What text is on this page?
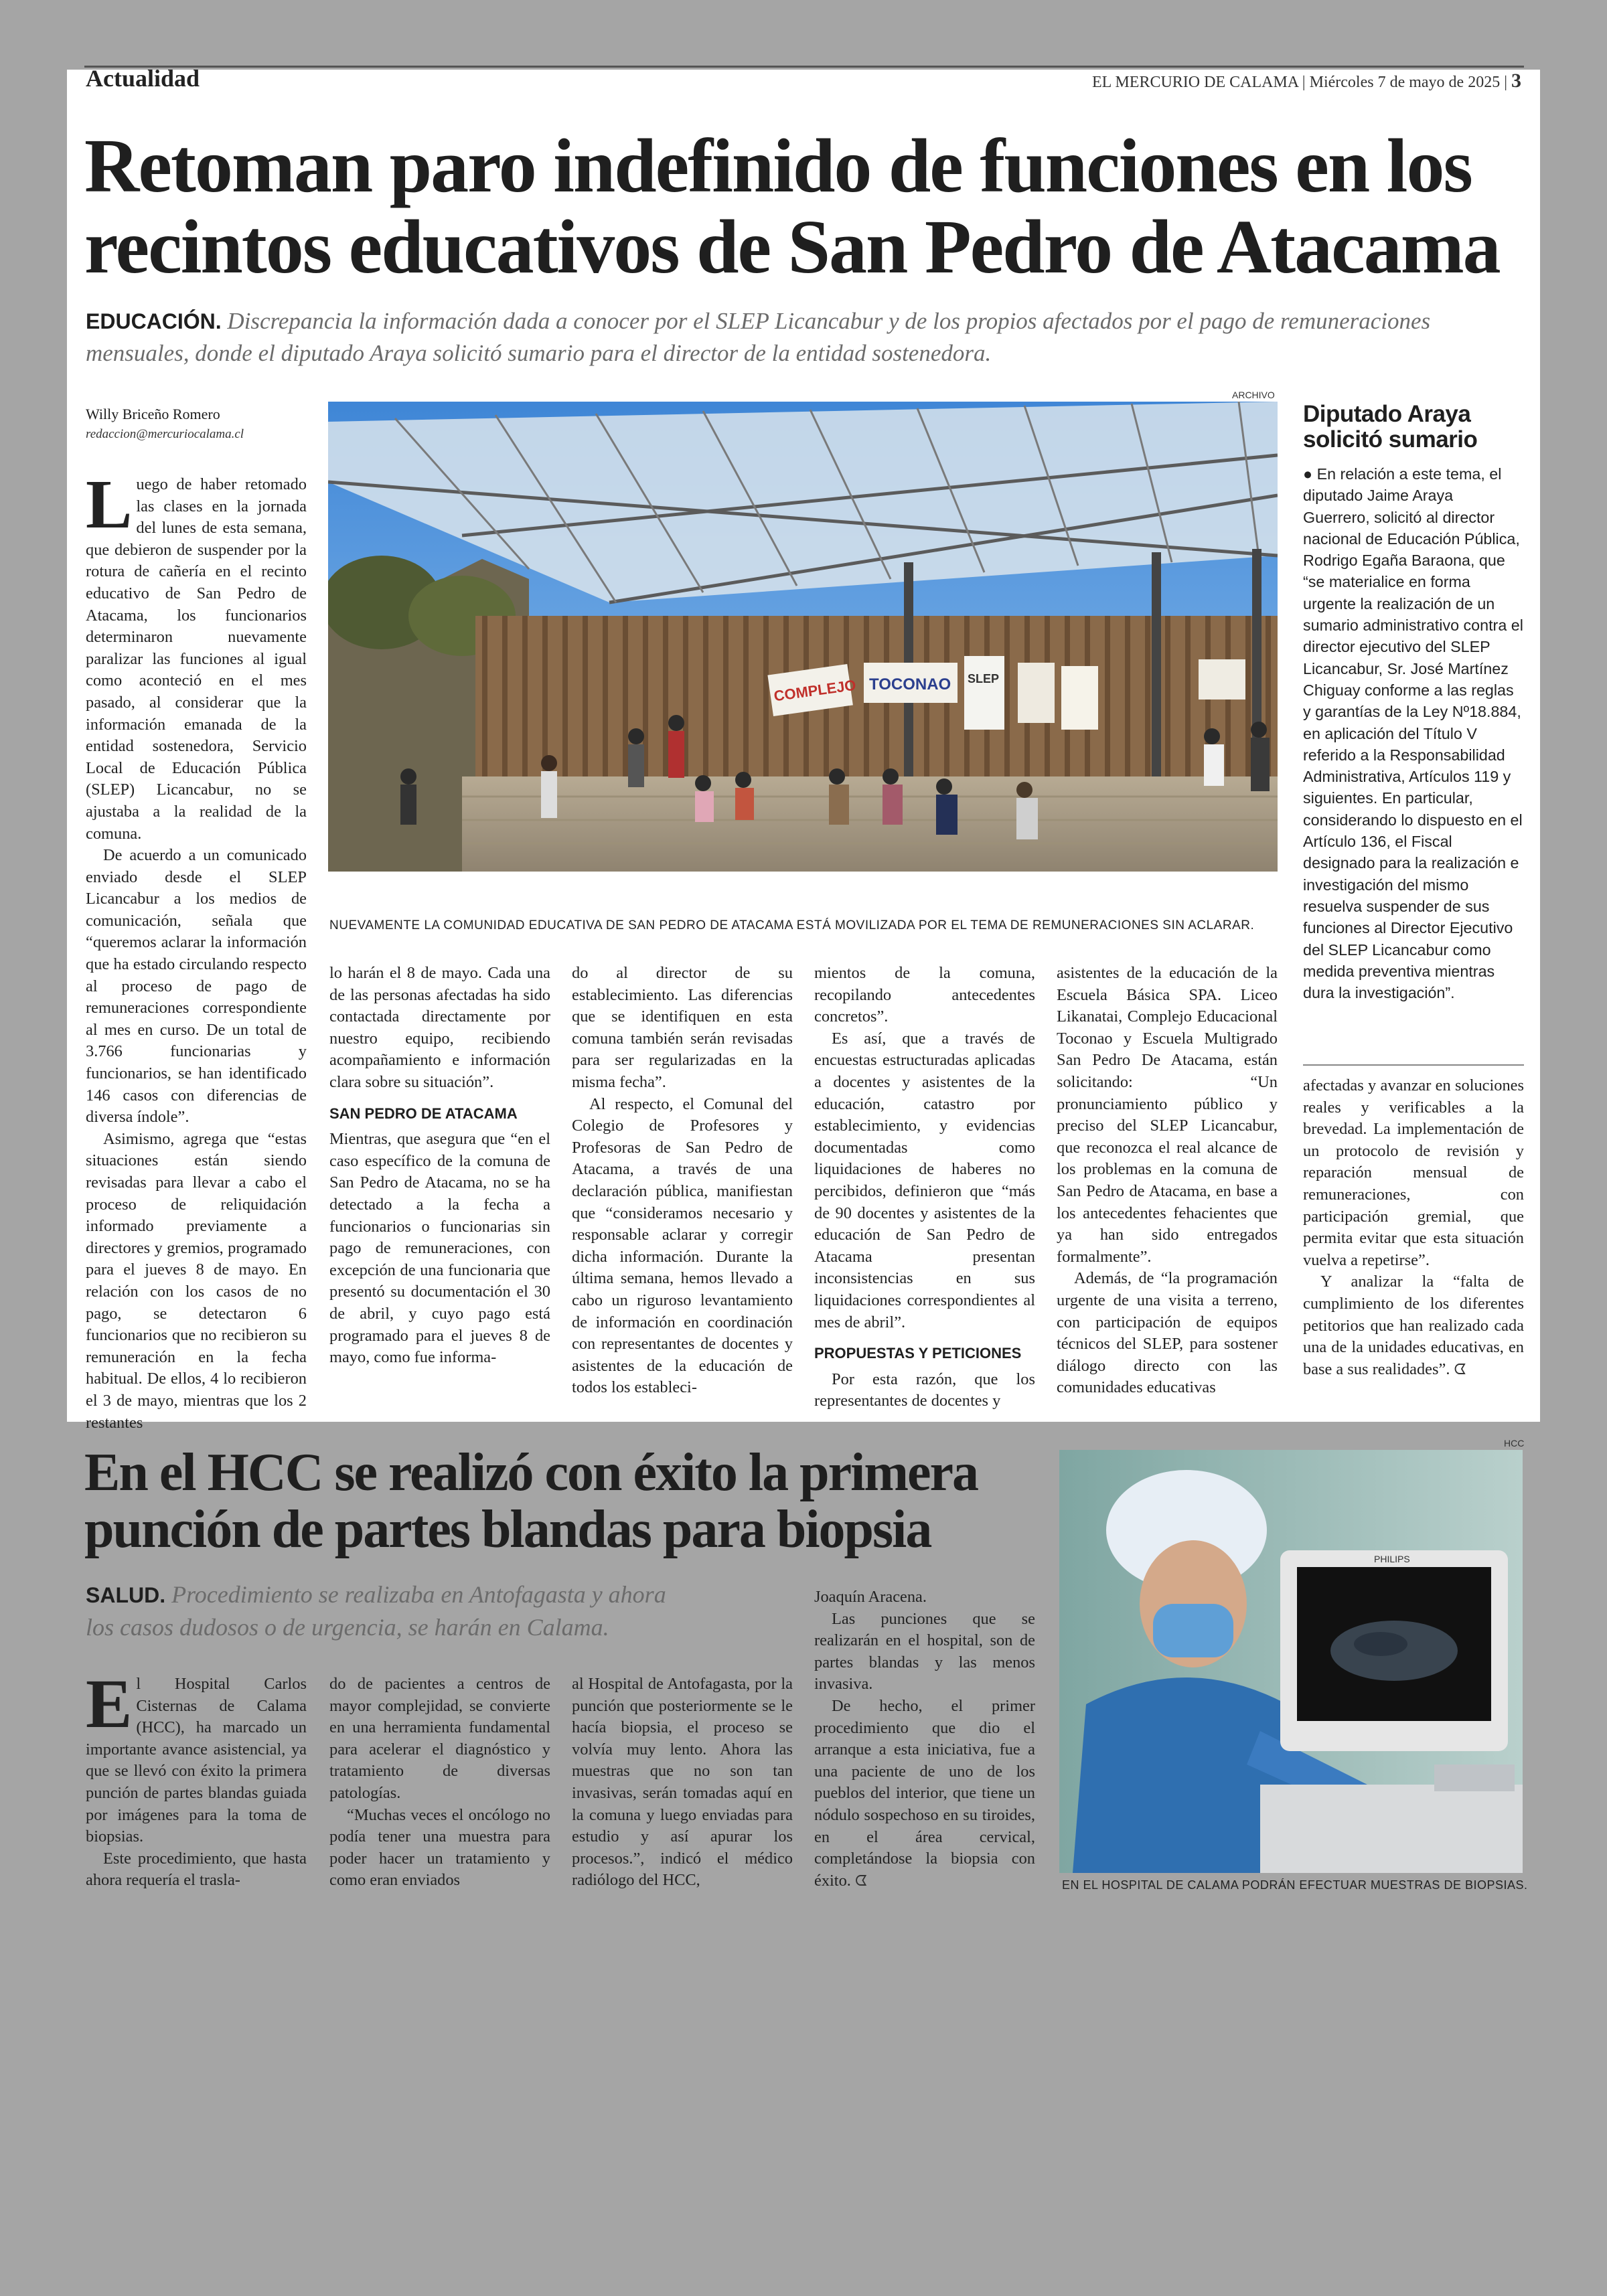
Actualidad	EL MERCURIO DE CALAMA | Miércoles 7 de mayo de 2025 | 3
Retoman paro indefinido de funciones en los
recintos educativos de San Pedro de Atacama
EDUCACIÓN. Discrepancia la información dada a conocer por el SLEP Licancabur y de los propios afectados por el pago de remuneraciones mensuales, donde el diputado Araya solicitó sumario para el director de la entidad sostenedora.
Willy Briceño Romero
redaccion@mercuriocalama.cl
ARCHIVO
COMPLEJO TOCONAO SLEP
NUEVAMENTE LA COMUNIDAD EDUCATIVA DE SAN PEDRO DE ATACAMA ESTÁ MOVILIZADA POR EL TEMA DE REMUNERACIONES SIN ACLARAR.

Luego de haber retomado las clases en la jornada del lunes de esta semana, que debieron de suspender por la rotura de cañería en el recinto educativo de San Pedro de Atacama, los funcionarios determinaron nuevamente paralizar las funciones al igual como aconteció en el mes pasado, al considerar que la información emanada de la entidad sostenedora, Servicio Local de Educación Pública (SLEP) Licancabur, no se ajustaba a la realidad de la comuna.

De acuerdo a un comunicado enviado desde el SLEP Licancabur a los medios de comunicación, señala que “queremos aclarar la información que ha estado circulando respecto al proceso de pago de remuneraciones correspondiente al mes en curso. De un total de 3.766 funcionarias y funcionarios, se han identificado 146 casos con diferencias de diversa índole”.

Asimismo, agrega que “estas situaciones están siendo revisadas para llevar a cabo el proceso de reliquidación informado previamente a directores y gremios, programado para el jueves 8 de mayo. En relación con los casos de no pago, se detectaron 6 funcionarios que no recibieron su remuneración en la fecha habitual. De ellos, 4 lo recibieron el 3 de mayo, mientras que los 2 restantes

lo harán el 8 de mayo. Cada una de las personas afectadas ha sido contactada directamente por nuestro equipo, recibiendo acompañamiento e información clara sobre su situación”.

SAN PEDRO DE ATACAMA

Mientras, que asegura que “en el caso específico de la comuna de San Pedro de Atacama, no se ha detectado a la fecha a funcionarios o funcionarias sin pago de remuneraciones, con excepción de una funcionaria que presentó su documentación el 30 de abril, y cuyo pago está programado para el jueves 8 de mayo, como fue informa-

do al director de su establecimiento. Las diferencias que se identifiquen en esta comuna también serán revisadas para ser regularizadas en la misma fecha”.

Al respecto, el Comunal del Colegio de Profesores y Profesoras de San Pedro de Atacama, a través de una declaración pública, manifiestan que “consideramos necesario y responsable aclarar y corregir dicha información. Durante la última semana, hemos llevado a cabo un riguroso levantamiento de información en coordinación con representantes de docentes y asistentes de la educación de todos los estableci-

mientos de la comuna, recopilando antecedentes concretos”.

Es así, que a través de encuestas estructuradas aplicadas a docentes y asistentes de la educación, catastro por establecimiento, y evidencias documentadas como liquidaciones de haberes no percibidos, definieron que “más de 90 docentes y asistentes de la educación de San Pedro de Atacama presentan inconsistencias en sus liquidaciones correspondientes al mes de abril”.

PROPUESTAS Y PETICIONES

Por esta razón, que los representantes de docentes y

asistentes de la educación de la Escuela Básica SPA. Liceo Likanatai, Complejo Educacional Toconao y Escuela Multigrado San Pedro De Atacama, están solicitando: “Un pronunciamiento público y preciso del SLEP Licancabur, que reconozca el real alcance de los problemas en la comuna de San Pedro de Atacama, en base a los antecedentes fehacientes que ya han sido entregados formalmente”.

Además, de “la programación urgente de una visita a terreno, con participación de equipos técnicos del SLEP, para sostener diálogo directo con las comunidades educativas

Diputado Araya
solicitó sumario
● En relación a este tema, el diputado Jaime Araya Guerrero, solicitó al director nacional de Educación Pública, Rodrigo Egaña Baraona, que “se materialice en forma urgente la realización de un sumario administrativo contra el director ejecutivo del SLEP Licancabur, Sr. José Martínez Chiguay conforme a las reglas y garantías de la Ley Nº18.884, en aplicación del Título V referido a la Responsabilidad Administrativa, Artículos 119 y siguientes. En particular, considerando lo dispuesto en el Artículo 136, el Fiscal designado para la realización e investigación del mismo resuelva suspender de sus funciones al Director Ejecutivo del SLEP Licancabur como medida preventiva mientras dura la investigación”.

afectadas y avanzar en soluciones reales y verificables a la brevedad. La implementación de un protocolo de revisión y reparación mensual de remuneraciones, con participación gremial, que permita evitar que esta situación vuelva a repetirse”.

Y analizar la “falta de cumplimiento de los diferentes petitorios que han realizado cada una de la unidades educativas, en base a sus realidades”. ᗧ

En el HCC se realizó con éxito la primera
punción de partes blandas para biopsia
SALUD. Procedimiento se realizaba en Antofagasta y ahora
los casos dudosos o de urgencia, se harán en Calama.

El Hospital Carlos Cisternas de Calama (HCC), ha marcado un importante avance asistencial, ya que se llevó con éxito la primera punción de partes blandas guiada por imágenes para la toma de biopsias.

Este procedimiento, que hasta ahora requería el trasla-

do de pacientes a centros de mayor complejidad, se convierte en una herramienta fundamental para acelerar el diagnóstico y tratamiento de diversas patologías.

“Muchas veces el oncólogo no podía tener una muestra para poder hacer un tratamiento y como eran enviados

al Hospital de Antofagasta, por la punción que posteriormente se le hacía biopsia, el proceso se volvía muy lento. Ahora las muestras que no son tan invasivas, serán tomadas aquí en la comuna y luego enviadas para estudio y así apurar los procesos.”, indicó el médico radiólogo del HCC,

Joaquín Aracena.

Las punciones que se realizarán en el hospital, son de partes blandas y las menos invasiva.

De hecho, el primer procedimiento que dio el arranque a esta iniciativa, fue a una paciente de uno de los pueblos del interior, que tiene un nódulo sospechoso en su tiroides, en el área cervical, completándose la biopsia con éxito. ᗧ

HCC
PHILIPS
EN EL HOSPITAL DE CALAMA PODRÁN EFECTUAR MUESTRAS DE BIOPSIAS.
